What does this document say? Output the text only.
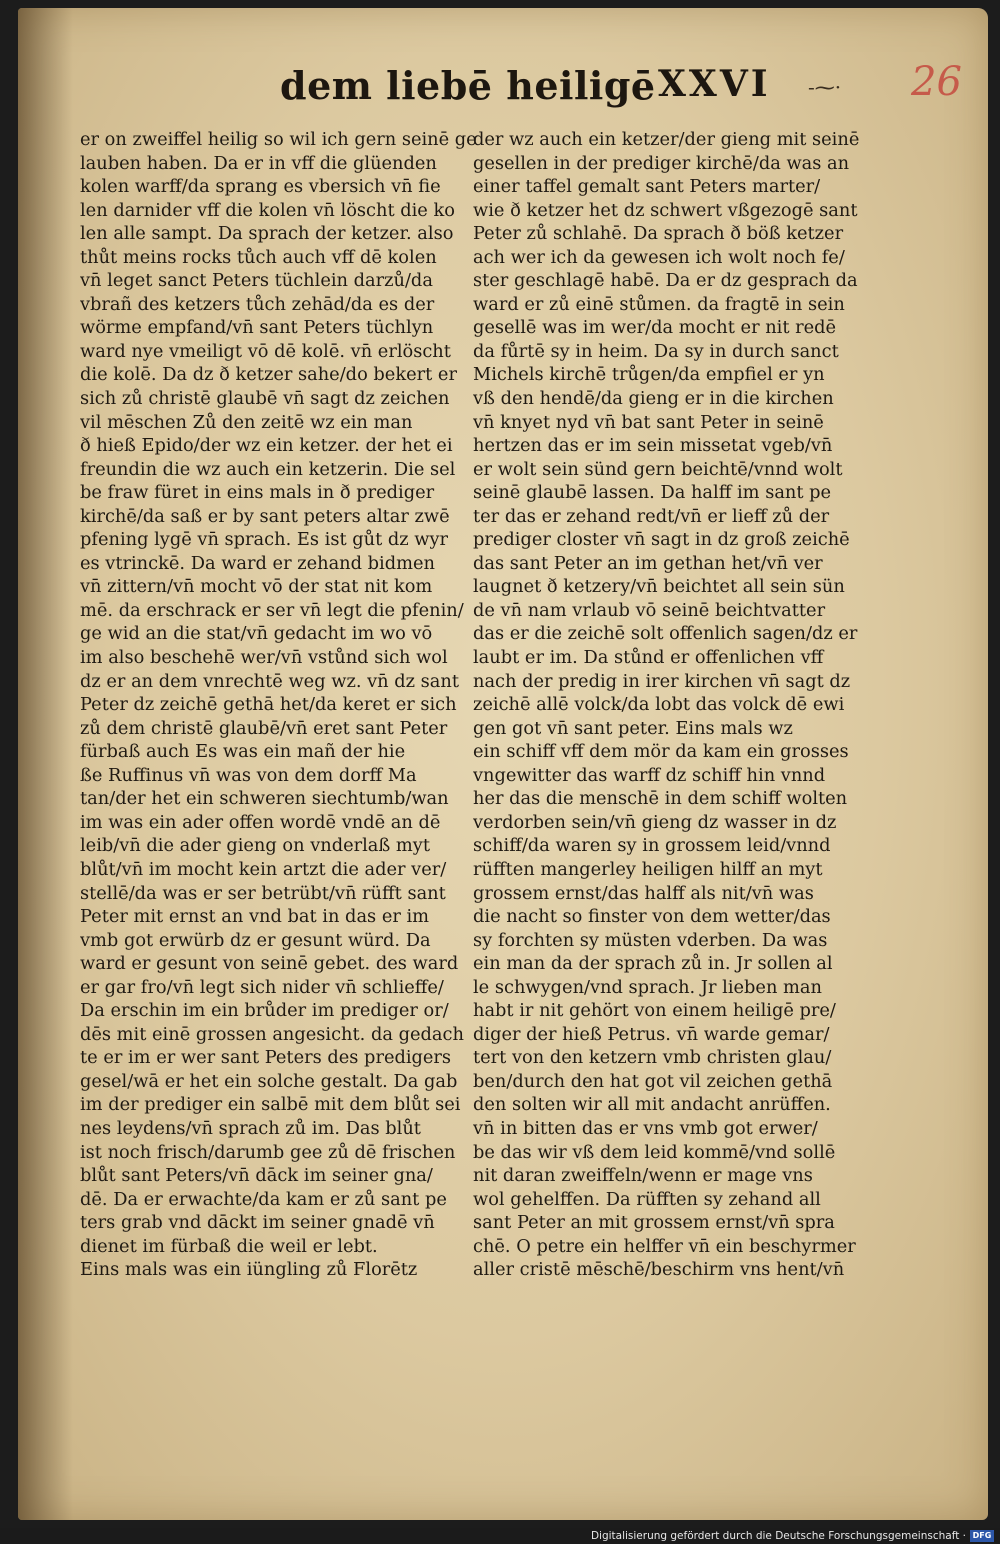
dem liebē heiligē XXVI -⁓· 26
er on zweiffel heilig so wil ich gern seinē ge
lauben haben. Da er in vff die glüenden
kolen warff/da sprang es vbersich vn̄ fie
len darnider vff die kolen vn̄ löscht die ko
len alle sampt. Da sprach der ketzer. also
thůt meins rocks tůch auch vff dē kolen
vn̄ leget sanct Peters tüchlein darzů/da
vbrañ des ketzers tůch zehād/da es der
wörme empfand/vn̄ sant Peters tüchlyn
ward nye vmeiligt vō dē kolē. vn̄ erlöscht
die kolē. Da dz ð ketzer sahe/do bekert er
sich zů christē glaubē vn̄ sagt dz zeichen
vil mēschen Zů den zeitē wz ein man
ð hieß Epido/der wz ein ketzer. der het ei
freundin die wz auch ein ketzerin. Die sel
be fraw füret in eins mals in ð prediger
kirchē/da saß er by sant peters altar zwē
pfening lygē vn̄ sprach. Es ist gůt dz wyr
es vtrinckē. Da ward er zehand bidmen
vn̄ zittern/vn̄ mocht vō der stat nit kom
mē. da erschrack er ser vn̄ legt die pfenin/
ge wid an die stat/vn̄ gedacht im wo vō
im also beschehē wer/vn̄ vstůnd sich wol
dz er an dem vnrechtē weg wz. vn̄ dz sant
Peter dz zeichē gethā het/da keret er sich
zů dem christē glaubē/vn̄ eret sant Peter
fürbaß auch Es was ein mañ der hie
ße Ruffinus vn̄ was von dem dorff Ma
tan/der het ein schweren siechtumb/wan
im was ein ader offen wordē vndē an dē
leib/vn̄ die ader gieng on vnderlaß myt
blůt/vn̄ im mocht kein artzt die ader ver/
stellē/da was er ser betrübt/vn̄ rüfft sant
Peter mit ernst an vnd bat in das er im
vmb got erwürb dz er gesunt würd. Da
ward er gesunt von seinē gebet. des ward
er gar fro/vn̄ legt sich nider vn̄ schlieffe/
Da erschin im ein brůder im prediger or/
dēs mit einē grossen angesicht. da gedach
te er im er wer sant Peters des predigers
gesel/wā er het ein solche gestalt. Da gab
im der prediger ein salbē mit dem blůt sei
nes leydens/vn̄ sprach zů im. Das blůt
ist noch frisch/darumb gee zů dē frischen
blůt sant Peters/vn̄ dāck im seiner gna/
dē. Da er erwachte/da kam er zů sant pe
ters grab vnd dāckt im seiner gnadē vn̄
dienet im fürbaß die weil er lebt.
Eins mals was ein iüngling zů Florētz
der wz auch ein ketzer/der gieng mit seinē
gesellen in der prediger kirchē/da was an
einer taffel gemalt sant Peters marter/
wie ð ketzer het dz schwert vßgezogē sant
Peter zů schlahē. Da sprach ð böß ketzer
ach wer ich da gewesen ich wolt noch fe/
ster geschlagē habē. Da er dz gesprach da
ward er zů einē stůmen. da fragtē in sein
gesellē was im wer/da mocht er nit redē
da fůrtē sy in heim. Da sy in durch sanct
Michels kirchē trůgen/da empfiel er yn
vß den hendē/da gieng er in die kirchen
vn̄ knyet nyd vn̄ bat sant Peter in seinē
hertzen das er im sein missetat vgeb/vn̄
er wolt sein sünd gern beichtē/vnnd wolt
seinē glaubē lassen. Da halff im sant pe
ter das er zehand redt/vn̄ er lieff zů der
prediger closter vn̄ sagt in dz groß zeichē
das sant Peter an im gethan het/vn̄ ver
laugnet ð ketzery/vn̄ beichtet all sein sün
de vn̄ nam vrlaub vō seinē beichtvatter
das er die zeichē solt offenlich sagen/dz er
laubt er im. Da stůnd er offenlichen vff
nach der predig in irer kirchen vn̄ sagt dz
zeichē allē volck/da lobt das volck dē ewi
gen got vn̄ sant peter. Eins mals wz
ein schiff vff dem mör da kam ein grosses
vngewitter das warff dz schiff hin vnnd
her das die menschē in dem schiff wolten
verdorben sein/vn̄ gieng dz wasser in dz
schiff/da waren sy in grossem leid/vnnd
rüfften mangerley heiligen hilff an myt
grossem ernst/das halff als nit/vn̄ was
die nacht so finster von dem wetter/das
sy forchten sy müsten vderben. Da was
ein man da der sprach zů in. Jr sollen al
le schwygen/vnd sprach. Jr lieben man
habt ir nit gehört von einem heiligē pre/
diger der hieß Petrus. vn̄ warde gemar/
tert von den ketzern vmb christen glau/
ben/durch den hat got vil zeichen gethā
den solten wir all mit andacht anrüffen.
vn̄ in bitten das er vns vmb got erwer/
be das wir vß dem leid kommē/vnd sollē
nit daran zweiffeln/wenn er mage vns
wol gehelffen. Da rüfften sy zehand all
sant Peter an mit grossem ernst/vn̄ spra
chē. O petre ein helffer vn̄ ein beschyrmer
aller cristē mēschē/beschirm vns hent/vn̄
Digitalisierung gefördert durch die Deutsche Forschungsgemeinschaft · DFG
